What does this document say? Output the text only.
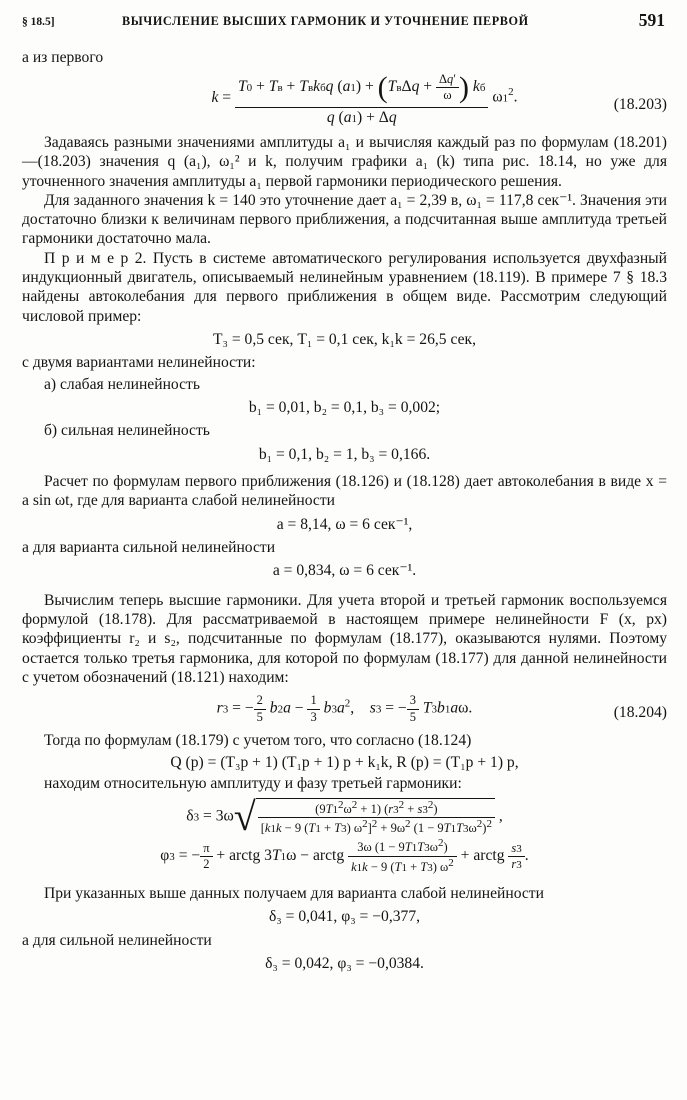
§ 18.5]	ВЫЧИСЛЕНИЕ ВЫСШИХ ГАРМОНИК И УТОЧНЕНИЕ ПЕРВОЙ	591

а из первого

$k = \frac{T0 + Tв + Tвkбq (a1) + (Tв\Delta q + \frac{\Delta q'}{\omega} ) kб}{q (a1) + \Delta q} \omega 1^2$.	(18.203)

Задаваясь разными значениями амплитуды a₁ и вычисляя каждый раз по формулам (18.201)—(18.203) значения q (a₁), ω₁² и k, получим графики a₁ (k) типа рис. 18.14, но уже для уточненного значения амплитуды a₁ первой гармоники периодического решения.

Для заданного значения k = 140 это уточнение дает a₁ = 2,39 в, ω₁ = 117,8 сек⁻¹. Значения эти достаточно близки к величинам первого приближения, а подсчитанная выше амплитуда третьей гармоники достаточно мала.

П р и м е р 2. Пусть в системе автоматического регулирования используется двухфазный индукционный двигатель, описываемый нелинейным уравнением (18.119). В примере 7 § 18.3 найдены автоколебания для первого приближения в общем виде. Рассмотрим следующий числовой пример:

T₃ = 0,5 сек, T₁ = 0,1 сек, k₁k = 26,5 сек,

с двумя вариантами нелинейности:

а) слабая нелинейность

b₁ = 0,01, b₂ = 0,1, b₃ = 0,002;

б) сильная нелинейность

b₁ = 0,1, b₂ = 1, b₃ = 0,166.

Расчет по формулам первого приближения (18.126) и (18.128) дает автоколебания в виде x = a sin ωt, где для варианта слабой нелинейности

a = 8,14, ω = 6 сек⁻¹,

а для варианта сильной нелинейности

a = 0,834, ω = 6 сек⁻¹.

Вычислим теперь высшие гармоники. Для учета второй и третьей гармоник воспользуемся формулой (18.178). Для рассматриваемой в настоящем примере нелинейности F (x, px) коэффициенты r₂ и s₂, подсчитанные по формулам (18.177), оказываются нулями. Поэтому остается только третья гармоника, для которой по формулам (18.177) для данной нелинейности с учетом обозначений (18.121) находим:

r3 = − $\frac{2}{5} b2a - \frac{1}{3} b3a^2$,    s3 = − $\frac{3}{5} T3b1a\omega$.	(18.204)

Тогда по формулам (18.179) с учетом того, что согласно (18.124)

Q (p) = (T₃p + 1) (T₁p + 1) p + k₁k, R (p) = (T₁p + 1) p,

находим относительную амплитуду и фазу третьей гармоники:

$\delta 3 = 3\omega√ \frac{(9T1^2\omega^2 + 1) (r3^2 + s3^2)}{[k1k - 9 (T1 + T3) \omega^2]^2 + 9\omega^2 (1 - 9T1T3\omega^2)^2}$ ,
φ3 = − $\frac{\pi}{2}$ + arctg 3T1ω − arctg $\frac{3\omega (1 - 9T1T3\omega^2)}{k1k - 9 (T1 + T3) \omega^2}$ + arctg $\frac{s3}{r3}$ .

При указанных выше данных получаем для варианта слабой нелинейности

δ₃ = 0,041, φ₃ = −0,377,

а для сильной нелинейности

δ₃ = 0,042, φ₃ = −0,0384.
